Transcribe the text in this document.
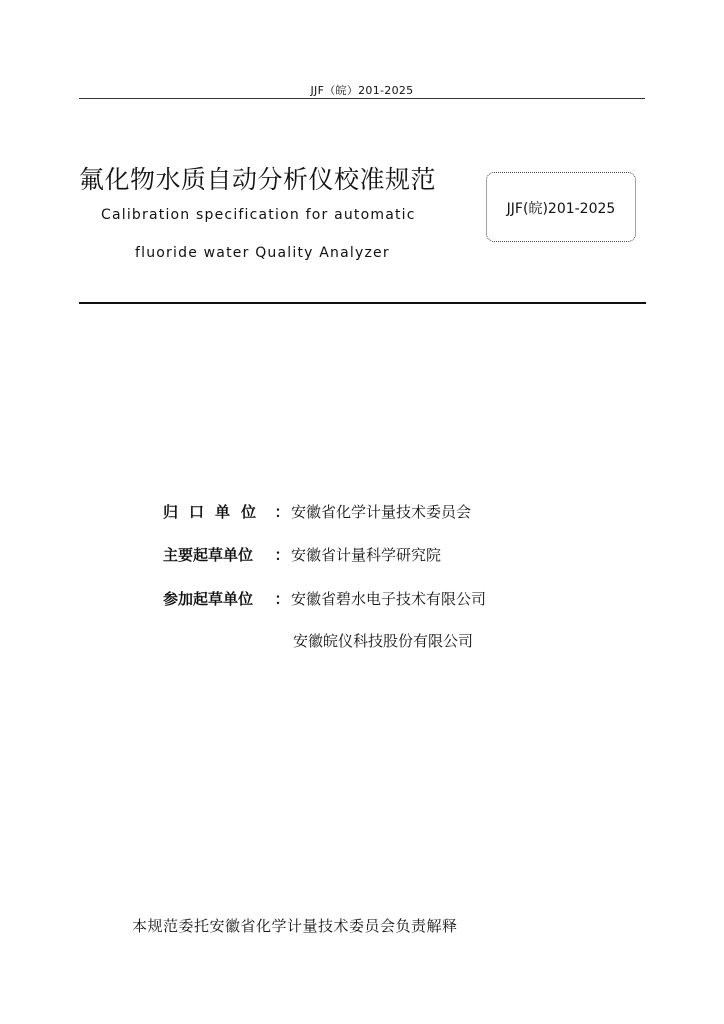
JJF（皖）201-2025
氟化物水质自动分析仪校准规范
Calibration specification for automatic
fluoride water Quality Analyzer
JJF(皖)201-2025
归口单位 ： 安徽省化学计量技术委员会
主要起草单位 ： 安徽省计量科学研究院
参加起草单位 ： 安徽省碧水电子技术有限公司
安徽皖仪科技股份有限公司
本规范委托安徽省化学计量技术委员会负责解释
